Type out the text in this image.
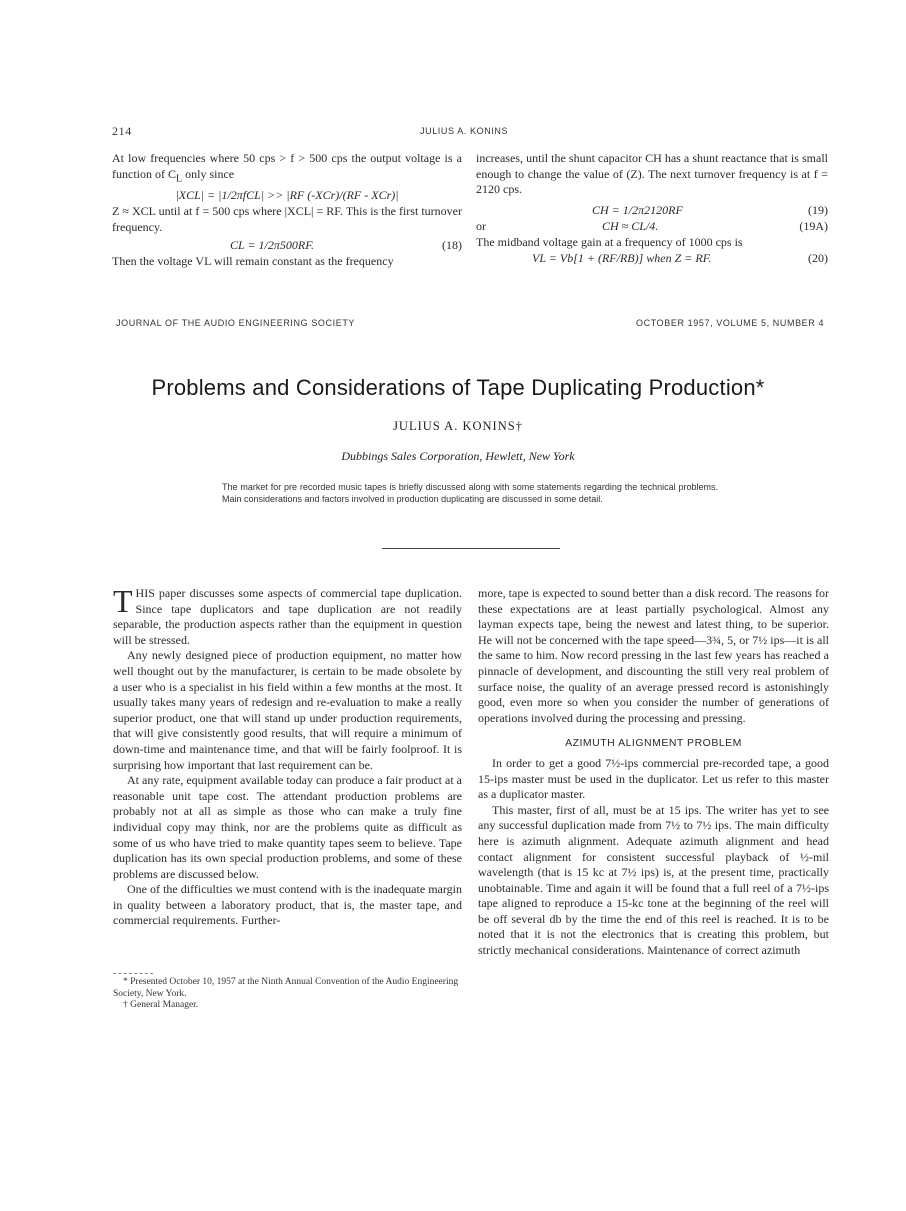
214	JULIUS A. KONINS

At low frequencies where 50 cps > f > 500 cps the output voltage is a function of $C_L$ only since

|XCL| = |1/2πfCL| >> |RF (-XCr)/(RF - XCr)|

Z ≈ XCL until at f = 500 cps where |XCL| = RF. This is the first turnover frequency.

CL = 1/2π500RF.	(18)

Then the voltage VL will remain constant as the frequency

increases, until the shunt capacitor CH has a shunt reactance that is small enough to change the value of (Z). The next turnover frequency is at f = 2120 cps.

CH = 1/2π2120RF	(19)
or	CH ≈ CL/4.	(19A)

The midband voltage gain at a frequency of 1000 cps is

VL = Vb[1 + (RF/RB)] when Z = RF.	(20)
JOURNAL OF THE AUDIO ENGINEERING SOCIETY	OCTOBER 1957, VOLUME 5, NUMBER 4
Problems and Considerations of Tape Duplicating Production*
JULIUS A. KONINS†
Dubbings Sales Corporation, Hewlett, New York
The market for pre recorded music tapes is briefly discussed along with some statements regarding the technical problems. Main considerations and factors involved in production duplicating are discussed in some detail.

THIS paper discusses some aspects of commercial tape duplication. Since tape duplicators and tape duplication are not readily separable, the production aspects rather than the equipment in question will be stressed.

Any newly designed piece of production equipment, no matter how well thought out by the manufacturer, is certain to be made obsolete by a user who is a specialist in his field within a few months at the most. It usually takes many years of redesign and re-evaluation to make a really superior product, one that will stand up under production requirements, that will give consistently good results, that will require a minimum of down-time and maintenance time, and that will be fairly foolproof. It is surprising how important that last requirement can be.

At any rate, equipment available today can produce a fair product at a reasonable unit tape cost. The attendant production problems are probably not at all as simple as those who can make a truly fine individual copy may think, nor are the problems quite as difficult as some of us who have tried to make quantity tapes seem to believe. Tape duplication has its own special production problems, and some of these problems are discussed below.

One of the difficulties we must contend with is the inadequate margin in quality between a laboratory product, that is, the master tape, and commercial requirements. Further-

* Presented October 10, 1957 at the Ninth Annual Convention of the Audio Engineering Society, New York.
† General Manager.

more, tape is expected to sound better than a disk record. The reasons for these expectations are at least partially psychological. Almost any layman expects tape, being the newest and latest thing, to be superior. He will not be concerned with the tape speed—3¾, 5, or 7½ ips—it is all the same to him. Now record pressing in the last few years has reached a pinnacle of development, and discounting the still very real problem of surface noise, the quality of an average pressed record is astonishingly good, even more so when you consider the number of generations of operations involved during the processing and pressing.

AZIMUTH ALIGNMENT PROBLEM

In order to get a good 7½-ips commercial pre-recorded tape, a good 15-ips master must be used in the duplicator. Let us refer to this master as a duplicator master.

This master, first of all, must be at 15 ips. The writer has yet to see any successful duplication made from 7½ to 7½ ips. The main difficulty here is azimuth alignment. Adequate azimuth alignment and head contact alignment for consistent successful playback of ½-mil wavelength (that is 15 kc at 7½ ips) is, at the present time, practically unobtainable. Time and again it will be found that a full reel of a 7½-ips tape aligned to reproduce a 15-kc tone at the beginning of the reel will be off several db by the time the end of this reel is reached. It is to be noted that it is not the electronics that is creating this problem, but strictly mechanical considerations. Maintenance of correct azimuth
